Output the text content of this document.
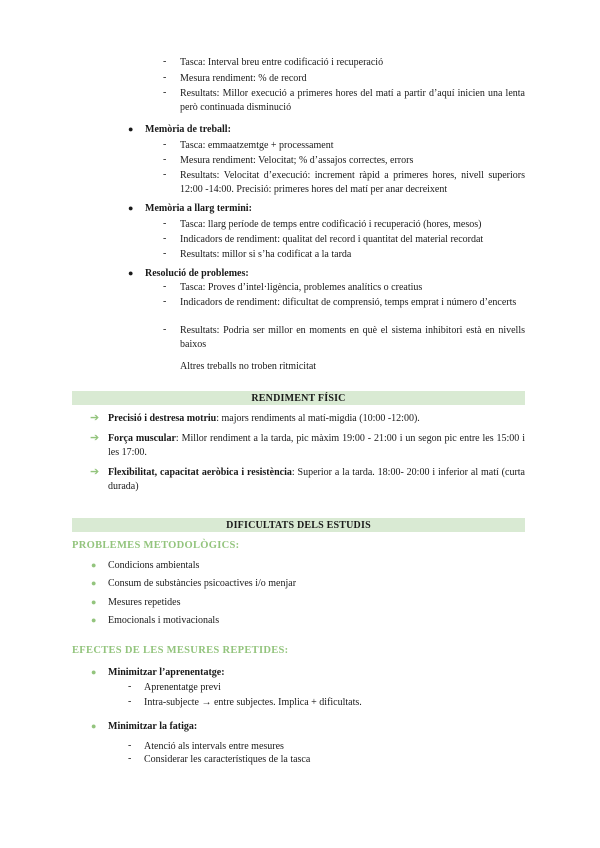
-	Tasca: Interval breu entre codificació i recuperació
-	Mesura rendiment: % de record
-	Resultats: Millor execució a primeres hores del matí a partir d’aquí inicien una lenta però continuada disminució
● Memòria de treball:
-	Tasca: emmaatzemtge + processament
-	Mesura rendiment: Velocitat; % d’assajos correctes, errors
-	Resultats: Velocitat d’execució: increment ràpid a primeres hores, nivell superiors 12:00 -14:00. Precisió: primeres hores del matí per anar decreixent
● Memòria a llarg termini:
-	Tasca: llarg període de temps entre codificació i recuperació (hores, mesos)
-	Indicadors de rendiment: qualitat del record i quantitat del material recordat
-	Resultats: millor si s’ha codificat a la tarda
● Resolució de problemes:
-	Tasca: Proves d’intel·ligència, problemes analítics o creatius
-	Indicadors de rendiment: dificultat de comprensió, temps emprat i número d’encerts
-	Resultats: Podria ser millor en moments en què el sistema inhibitori està en nivells baixos
Altres treballs no troben ritmicitat
RENDIMENT FÍSIC
➔ Precisió i destresa motriu: majors rendiments al matí-migdia (10:00 -12:00).
➔ Força muscular: Millor rendiment a la tarda, pic màxim 19:00 - 21:00 i un segon pic entre les 15:00 i les 17:00.
➔ Flexibilitat, capacitat aeròbica i resistència: Superior a la tarda. 18:00- 20:00 i inferior al matí (curta durada)
DIFICULTATS DELS ESTUDIS
PROBLEMES METODOLÒGICS:
● Condicions ambientals
● Consum de substàncies psicoactives i/o menjar
● Mesures repetides
● Emocionals i motivacionals
EFECTES DE LES MESURES REPETIDES:
● Minimitzar l’aprenentatge:
-	Aprenentatge previ
-	Intra-subjecte → entre subjectes. Implica + dificultats.
● Minimitzar la fatiga:
-	Atenció als intervals entre mesures
-	Considerar les característiques de la tasca
